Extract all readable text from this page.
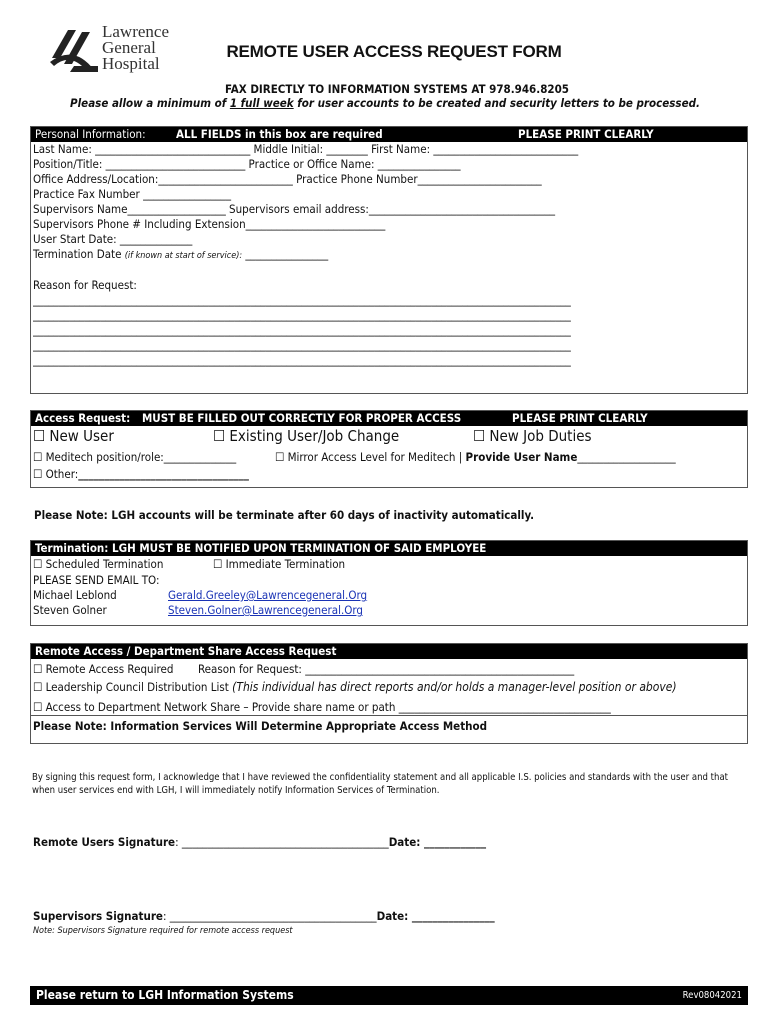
Lawrence
General
Hospital
REMOTE USER ACCESS REQUEST FORM
FAX DIRECTLY TO INFORMATION SYSTEMS AT 978.946.8205
Please allow a minimum of 1 full week for user accounts to be created and security letters to be processed.
Personal Information:	ALL FIELDS in this box are required	PLEASE PRINT CLEARLY
Last Name: ______________________________ Middle Initial: ________ First Name: ____________________________
Position/Title: ___________________________ Practice or Office Name: ________________
Office Address/Location:__________________________ Practice Phone Number________________________
Practice Fax Number _________________
Supervisors Name___________________ Supervisors email address:____________________________________
Supervisors Phone # Including Extension___________________________
User Start Date: ______________
Termination Date (if known at start of service): ________________
Reason for Request:
________________________________________________________________________________________________________
________________________________________________________________________________________________________
________________________________________________________________________________________________________
________________________________________________________________________________________________________
________________________________________________________________________________________________________
Access Request: MUST BE FILLED OUT CORRECTLY FOR PROPER ACCESS	PLEASE PRINT CLEARLY
☐ New User	☐ Existing User/Job Change	☐ New Job Duties
☐ Meditech position/role:______________	☐ Mirror Access Level for Meditech | Provide User Name___________________
☐ Other:_________________________________
Please Note: LGH accounts will be terminate after 60 days of inactivity automatically.
Termination: LGH MUST BE NOTIFIED UPON TERMINATION OF SAID EMPLOYEE
☐ Scheduled Termination	☐ Immediate Termination
PLEASE SEND EMAIL TO:
Michael Leblond	Gerald.Greeley@Lawrencegeneral.Org
Steven Golner	Steven.Golner@Lawrencegeneral.Org
Remote Access / Department Share Access Request
☐ Remote Access Required Reason for Request: ____________________________________________________
☐ Leadership Council Distribution List (This individual has direct reports and/or holds a manager-level position or above)
☐ Access to Department Network Share – Provide share name or path _________________________________________
Please Note: Information Services Will Determine Appropriate Access Method
By signing this request form, I acknowledge that I have reviewed the confidentiality statement and all applicable I.S. policies and standards with the user and that when user services end with LGH, I will immediately notify Information Services of Termination.
Remote Users Signature: ________________________________________Date: ____________
Supervisors Signature: ________________________________________Date: ________________
Note: Supervisors Signature required for remote access request
Please return to LGH Information Systems	Rev08042021
